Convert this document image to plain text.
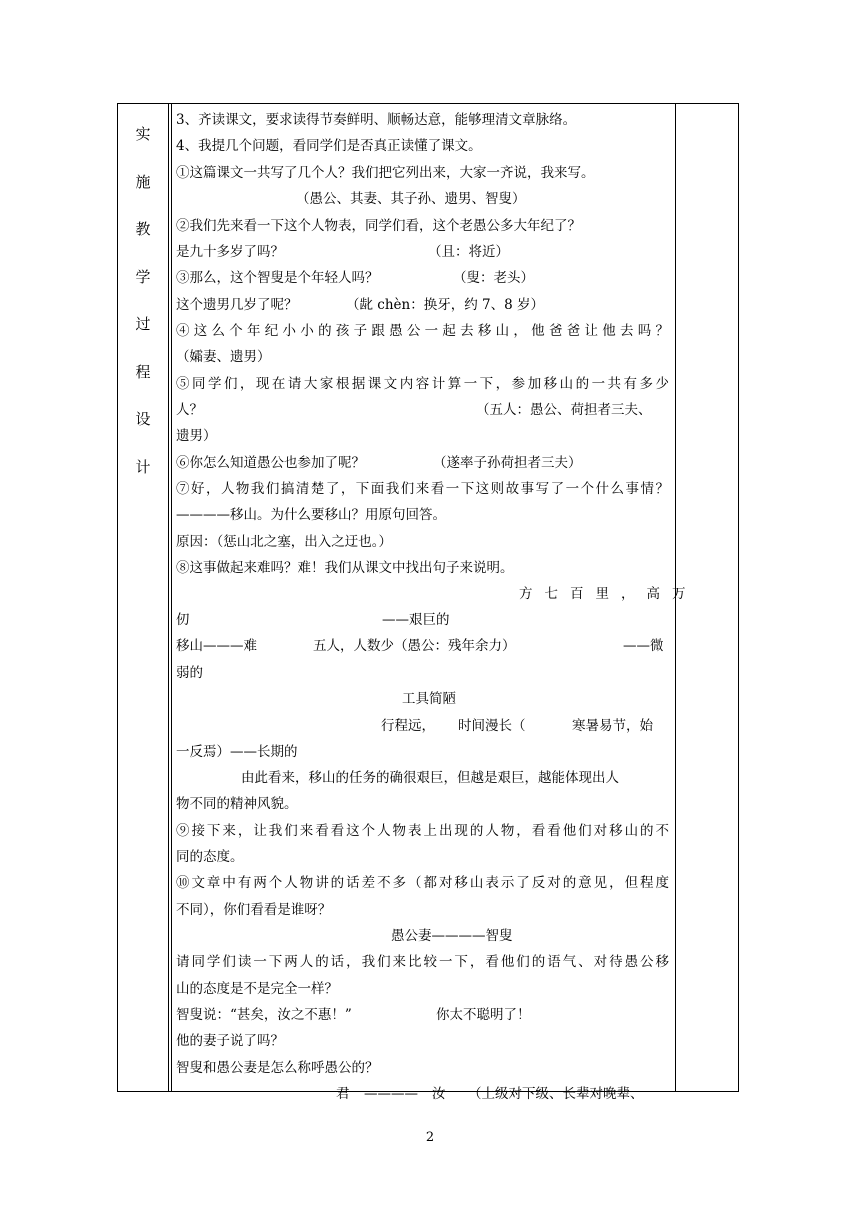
实
施
教
学
过
程
设
计
3、齐读课文，要求读得节奏鲜明、顺畅达意，能够理清文章脉络。
4、我提几个问题，看同学们是否真正读懂了课文。
①这篇课文一共写了几个人？我们把它列出来，大家一齐说，我来写。
（愚公、其妻、其子孙、遗男、智叟）
②我们先来看一下这个人物表，同学们看，这个老愚公多大年纪了？
是九十多岁了吗？	（且：将近）
③那么，这个智叟是个年轻人吗？	（叟：老头）
这个遗男几岁了呢？	（龀 chèn：换牙，约 7、8 岁）
④这么个年纪小小的孩子跟愚公一起去移山，他爸爸让他去吗？
（孀妻、遗男）
⑤同学们，现在请大家根据课文内容计算一下，参加移山的一共有多少
人？	（五人：愚公、荷担者三夫、
遗男）
⑥你怎么知道愚公也参加了呢？	（遂率子孙荷担者三夫）
⑦好，人物我们搞清楚了，下面我们来看一下这则故事写了一个什么事情？
————移山。为什么要移山？用原句回答。
原因：（惩山北之塞，出入之迂也。）
⑧这事做起来难吗？难！我们从课文中找出句子来说明。
方七百里，高万
仞	——艰巨的
移山———难	五人，人数少（愚公：残年余力）	——微
弱的
工具简陋
行程远， 时间漫长（	寒暑易节，始
一反焉）——长期的
由此看来，移山的任务的确很艰巨，但越是艰巨，越能体现出人
物不同的精神风貌。
⑨接下来，让我们来看看这个人物表上出现的人物，看看他们对移山的不
同的态度。
⑩文章中有两个人物讲的话差不多（都对移山表示了反对的意见，但程度
不同），你们看看是谁呀？
愚公妻————智叟
请同学们读一下两人的话，我们来比较一下，看他们的语气、对待愚公移
山的态度是不是完全一样？
智叟说：“甚矣，汝之不惠！”	你太不聪明了！
他的妻子说了吗？
智叟和愚公妻是怎么称呼愚公的？
君 ———— 汝 （上级对下级、长辈对晚辈、
2
